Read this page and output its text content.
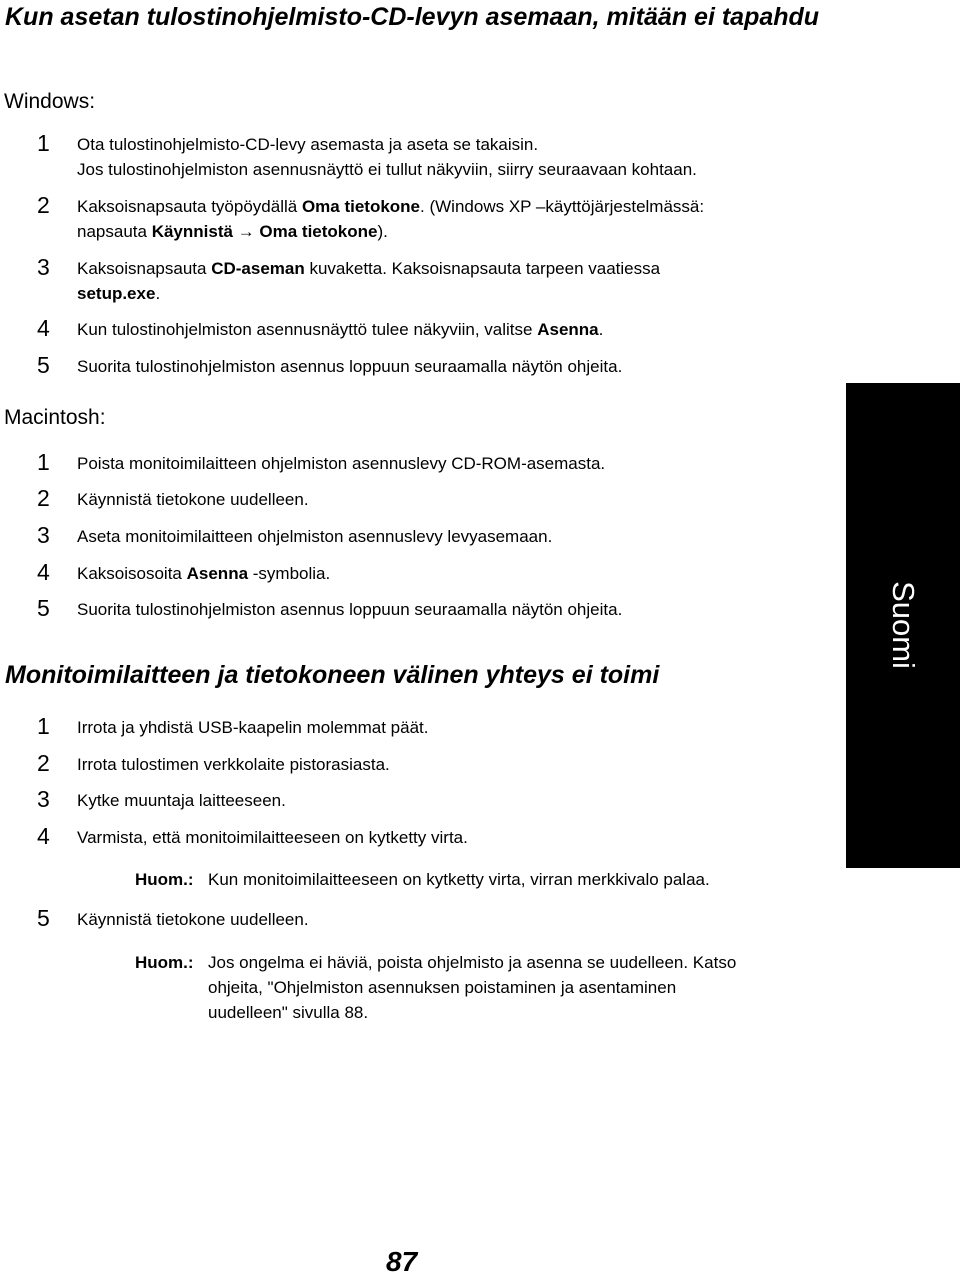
Kun asetan tulostinohjelmisto-CD-levyn asemaan, mitään ei tapahdu
Windows:
1 Ota tulostinohjelmisto-CD-levy asemasta ja aseta se takaisin.
Jos tulostinohjelmiston asennusnäyttö ei tullut näkyviin, siirry seuraavaan kohtaan.
2 Kaksoisnapsauta työpöydällä Oma tietokone. (Windows XP –käyttöjärjestelmässä:
napsauta Käynnistä → Oma tietokone).
3 Kaksoisnapsauta CD-aseman kuvaketta. Kaksoisnapsauta tarpeen vaatiessa
setup.exe.
4 Kun tulostinohjelmiston asennusnäyttö tulee näkyviin, valitse Asenna.
5 Suorita tulostinohjelmiston asennus loppuun seuraamalla näytön ohjeita.
Macintosh:
1 Poista monitoimilaitteen ohjelmiston asennuslevy CD-ROM-asemasta.
2 Käynnistä tietokone uudelleen.
3 Aseta monitoimilaitteen ohjelmiston asennuslevy levyasemaan.
4 Kaksoisosoita Asenna -symbolia.
5 Suorita tulostinohjelmiston asennus loppuun seuraamalla näytön ohjeita.
Monitoimilaitteen ja tietokoneen välinen yhteys ei toimi
1 Irrota ja yhdistä USB-kaapelin molemmat päät.
2 Irrota tulostimen verkkolaite pistorasiasta.
3 Kytke muuntaja laitteeseen.
4 Varmista, että monitoimilaitteeseen on kytketty virta.
Huom.: Kun monitoimilaitteeseen on kytketty virta, virran merkkivalo palaa.
5 Käynnistä tietokone uudelleen.
Huom.: Jos ongelma ei häviä, poista ohjelmisto ja asenna se uudelleen. Katso
ohjeita, "Ohjelmiston asennuksen poistaminen ja asentaminen
uudelleen" sivulla 88.
Suomi
87
